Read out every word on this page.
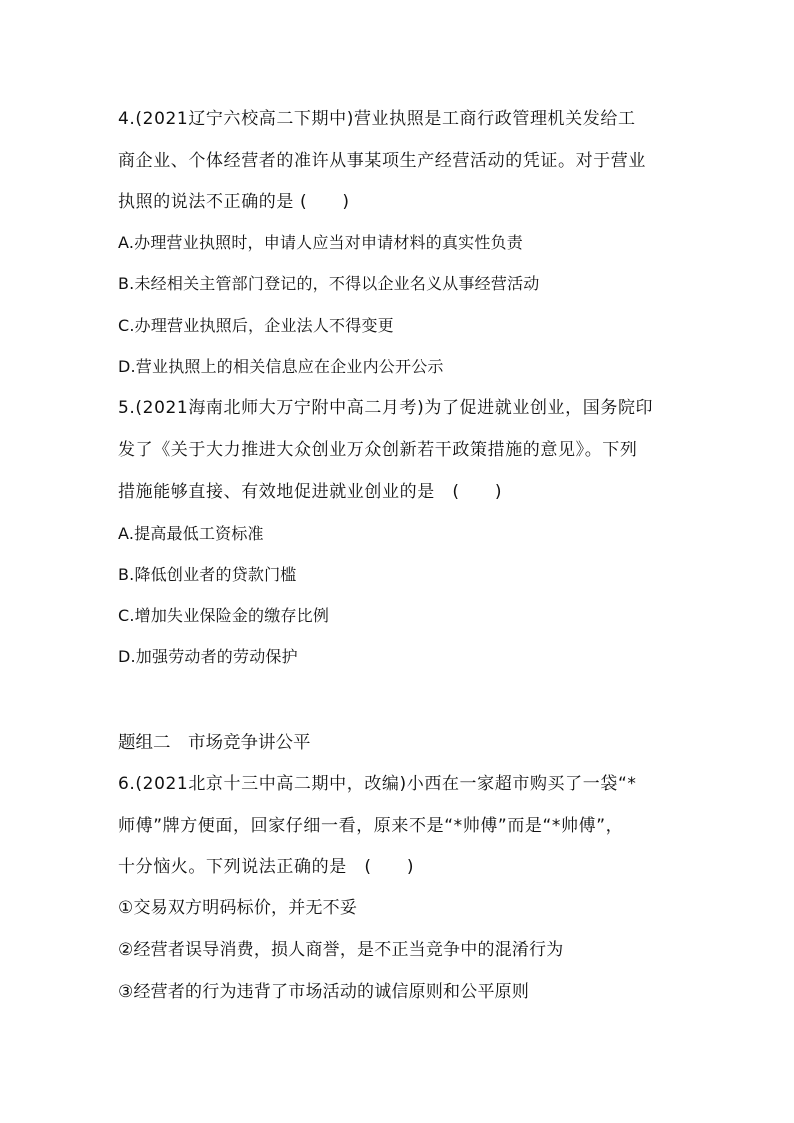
4.(2021辽宁六校高二下期中)营业执照是工商行政管理机关发给工
商企业、个体经营者的准许从事某项生产经营活动的凭证。对于营业
执照的说法不正确的是 (　　)
A.办理营业执照时，申请人应当对申请材料的真实性负责
B.未经相关主管部门登记的，不得以企业名义从事经营活动
C.办理营业执照后，企业法人不得变更
D.营业执照上的相关信息应在企业内公开公示
5.(2021海南北师大万宁附中高二月考)为了促进就业创业，国务院印
发了《关于大力推进大众创业万众创新若干政策措施的意见》。下列
措施能够直接、有效地促进就业创业的是　(　　)
A.提高最低工资标准
B.降低创业者的贷款门槛
C.增加失业保险金的缴存比例
D.加强劳动者的劳动保护
题组二　市场竞争讲公平
6.(2021北京十三中高二期中，改编)小西在一家超市购买了一袋“*
师傅”牌方便面，回家仔细一看，原来不是“*帅傅”而是“*帅傅”，
十分恼火。下列说法正确的是　(　　)
①交易双方明码标价，并无不妥
②经营者误导消费，损人商誉，是不正当竞争中的混淆行为
③经营者的行为违背了市场活动的诚信原则和公平原则
